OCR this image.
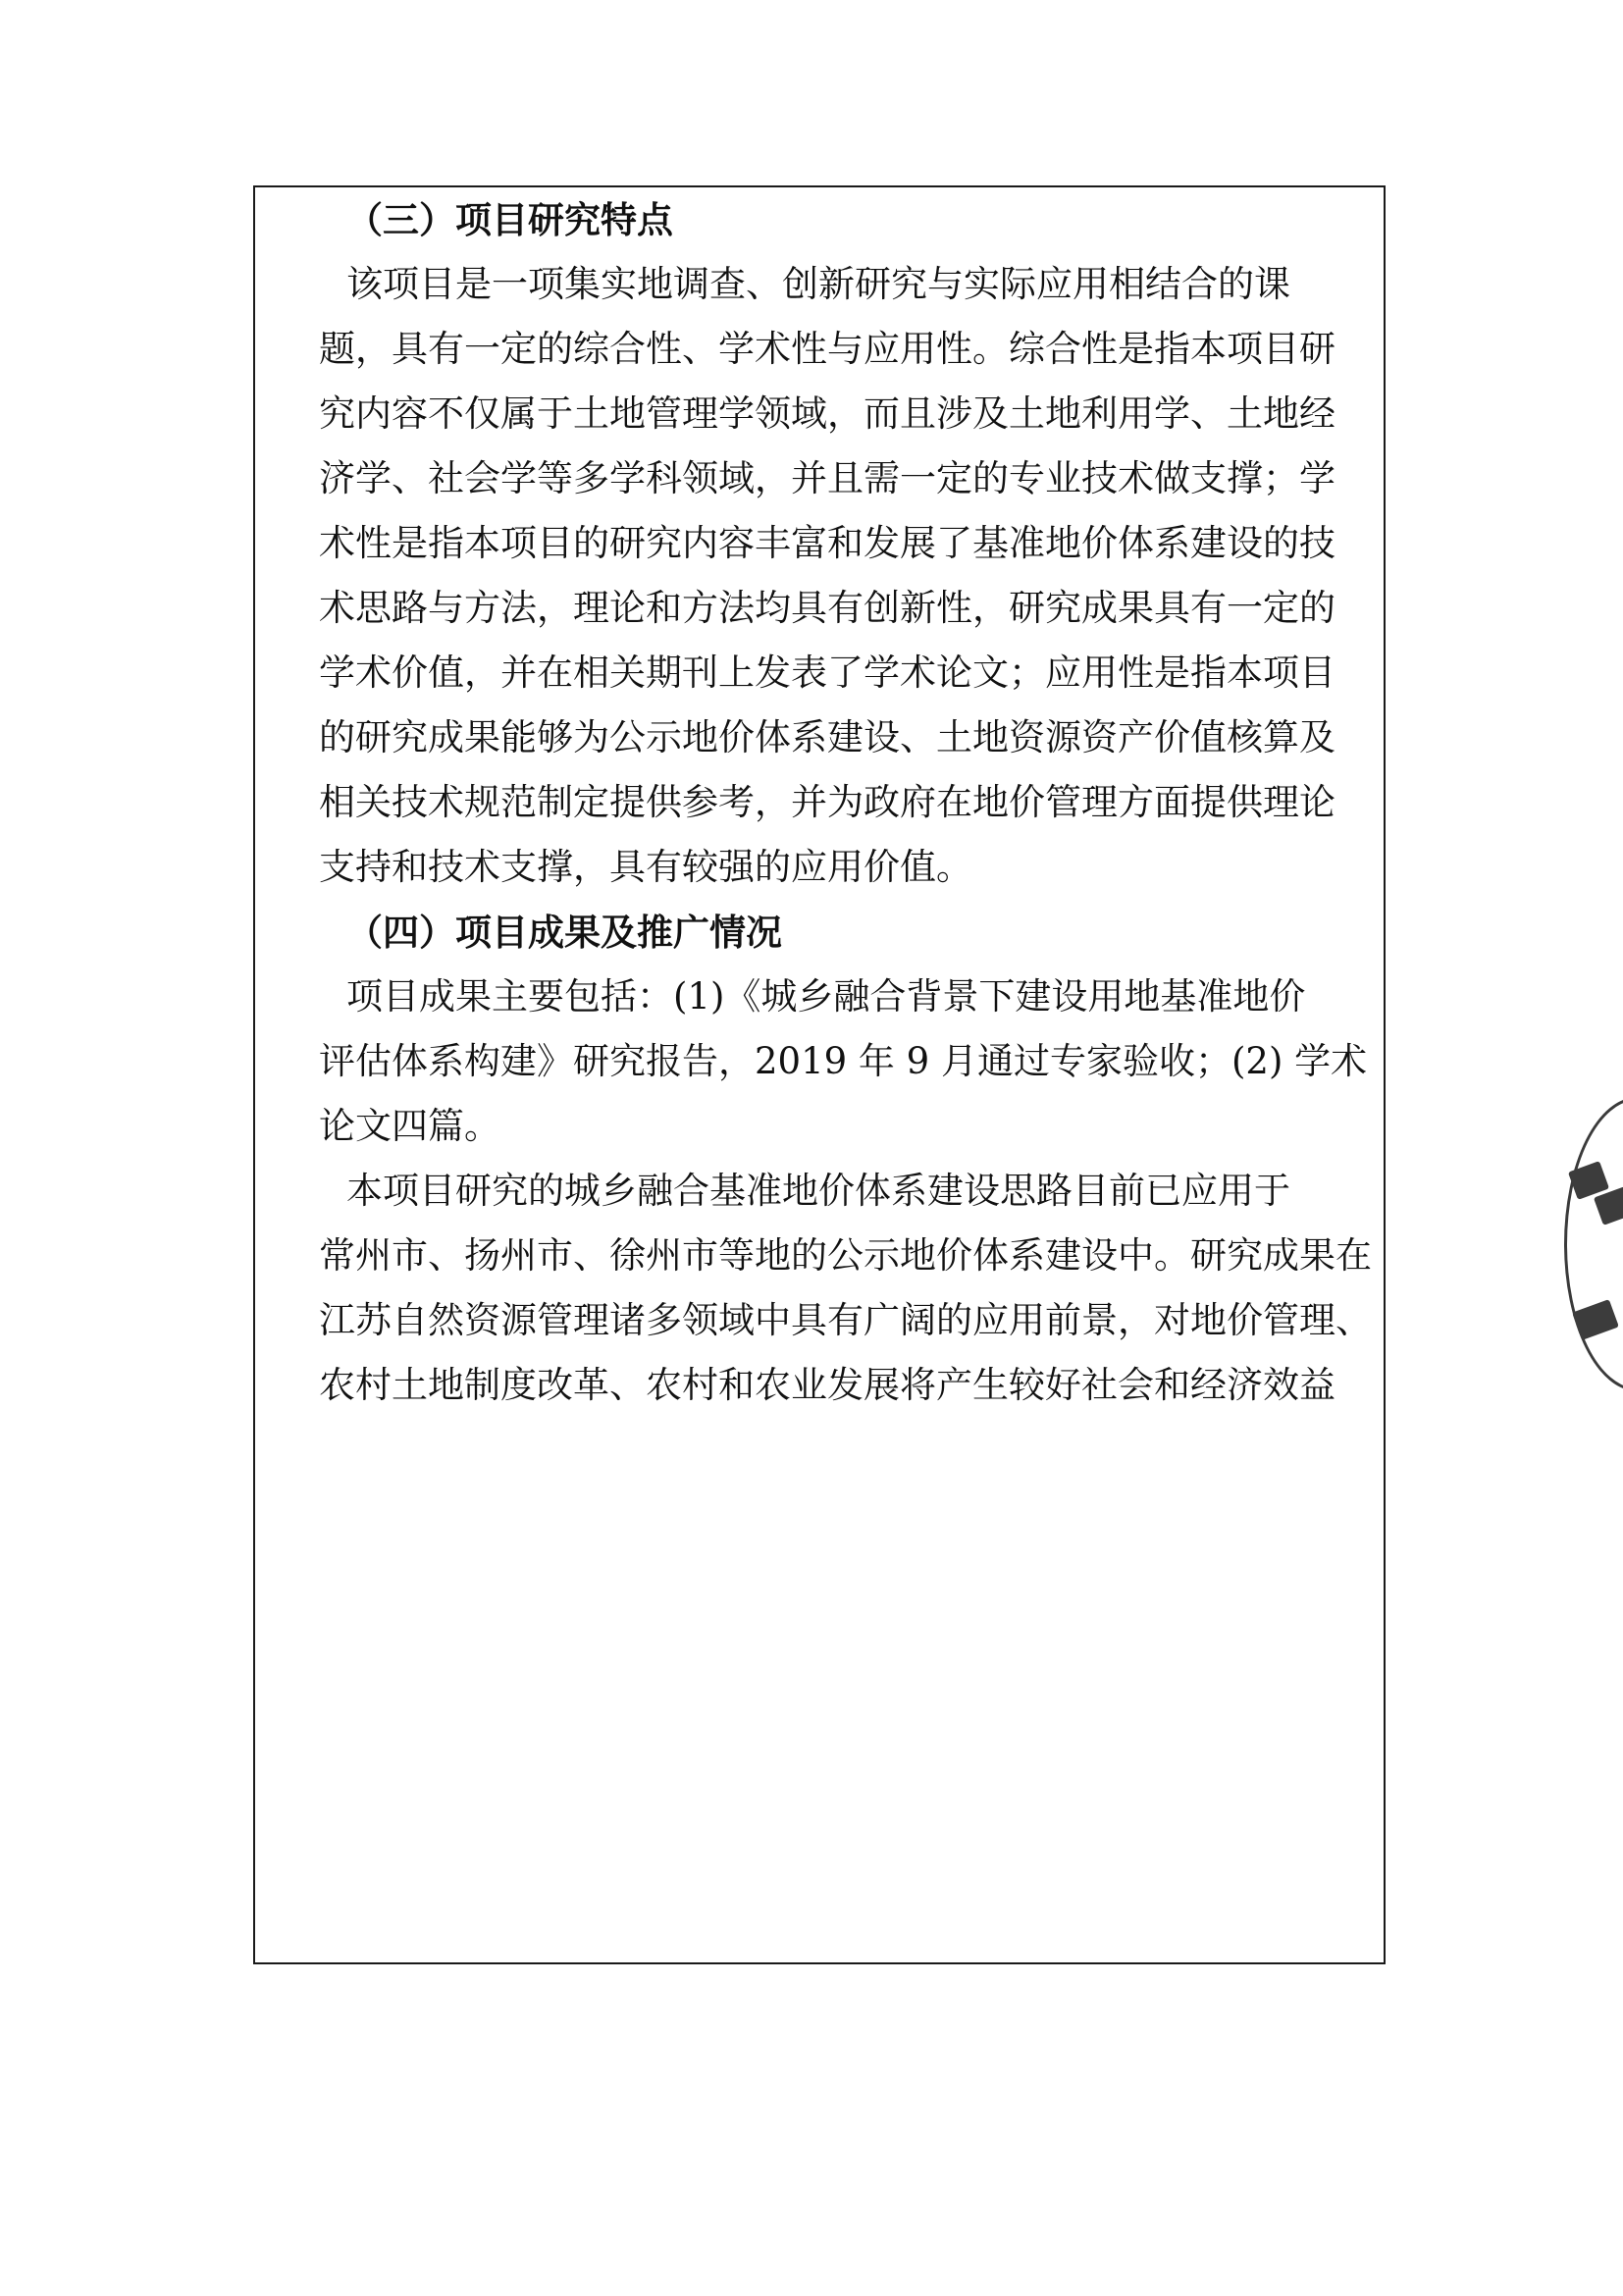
（三）项目研究特点
该项目是一项集实地调查、创新研究与实际应用相结合的课
题，具有一定的综合性、学术性与应用性。综合性是指本项目研
究内容不仅属于土地管理学领域，而且涉及土地利用学、土地经
济学、社会学等多学科领域，并且需一定的专业技术做支撑；学
术性是指本项目的研究内容丰富和发展了基准地价体系建设的技
术思路与方法，理论和方法均具有创新性，研究成果具有一定的
学术价值，并在相关期刊上发表了学术论文；应用性是指本项目
的研究成果能够为公示地价体系建设、土地资源资产价值核算及
相关技术规范制定提供参考，并为政府在地价管理方面提供理论
支持和技术支撑，具有较强的应用价值。
（四）项目成果及推广情况
项目成果主要包括：(1)《城乡融合背景下建设用地基准地价
评估体系构建》研究报告，2019 年 9 月通过专家验收；(2) 学术
论文四篇。
本项目研究的城乡融合基准地价体系建设思路目前已应用于
常州市、扬州市、徐州市等地的公示地价体系建设中。研究成果在
江苏自然资源管理诸多领域中具有广阔的应用前景，对地价管理、
农村土地制度改革、农村和农业发展将产生较好社会和经济效益
